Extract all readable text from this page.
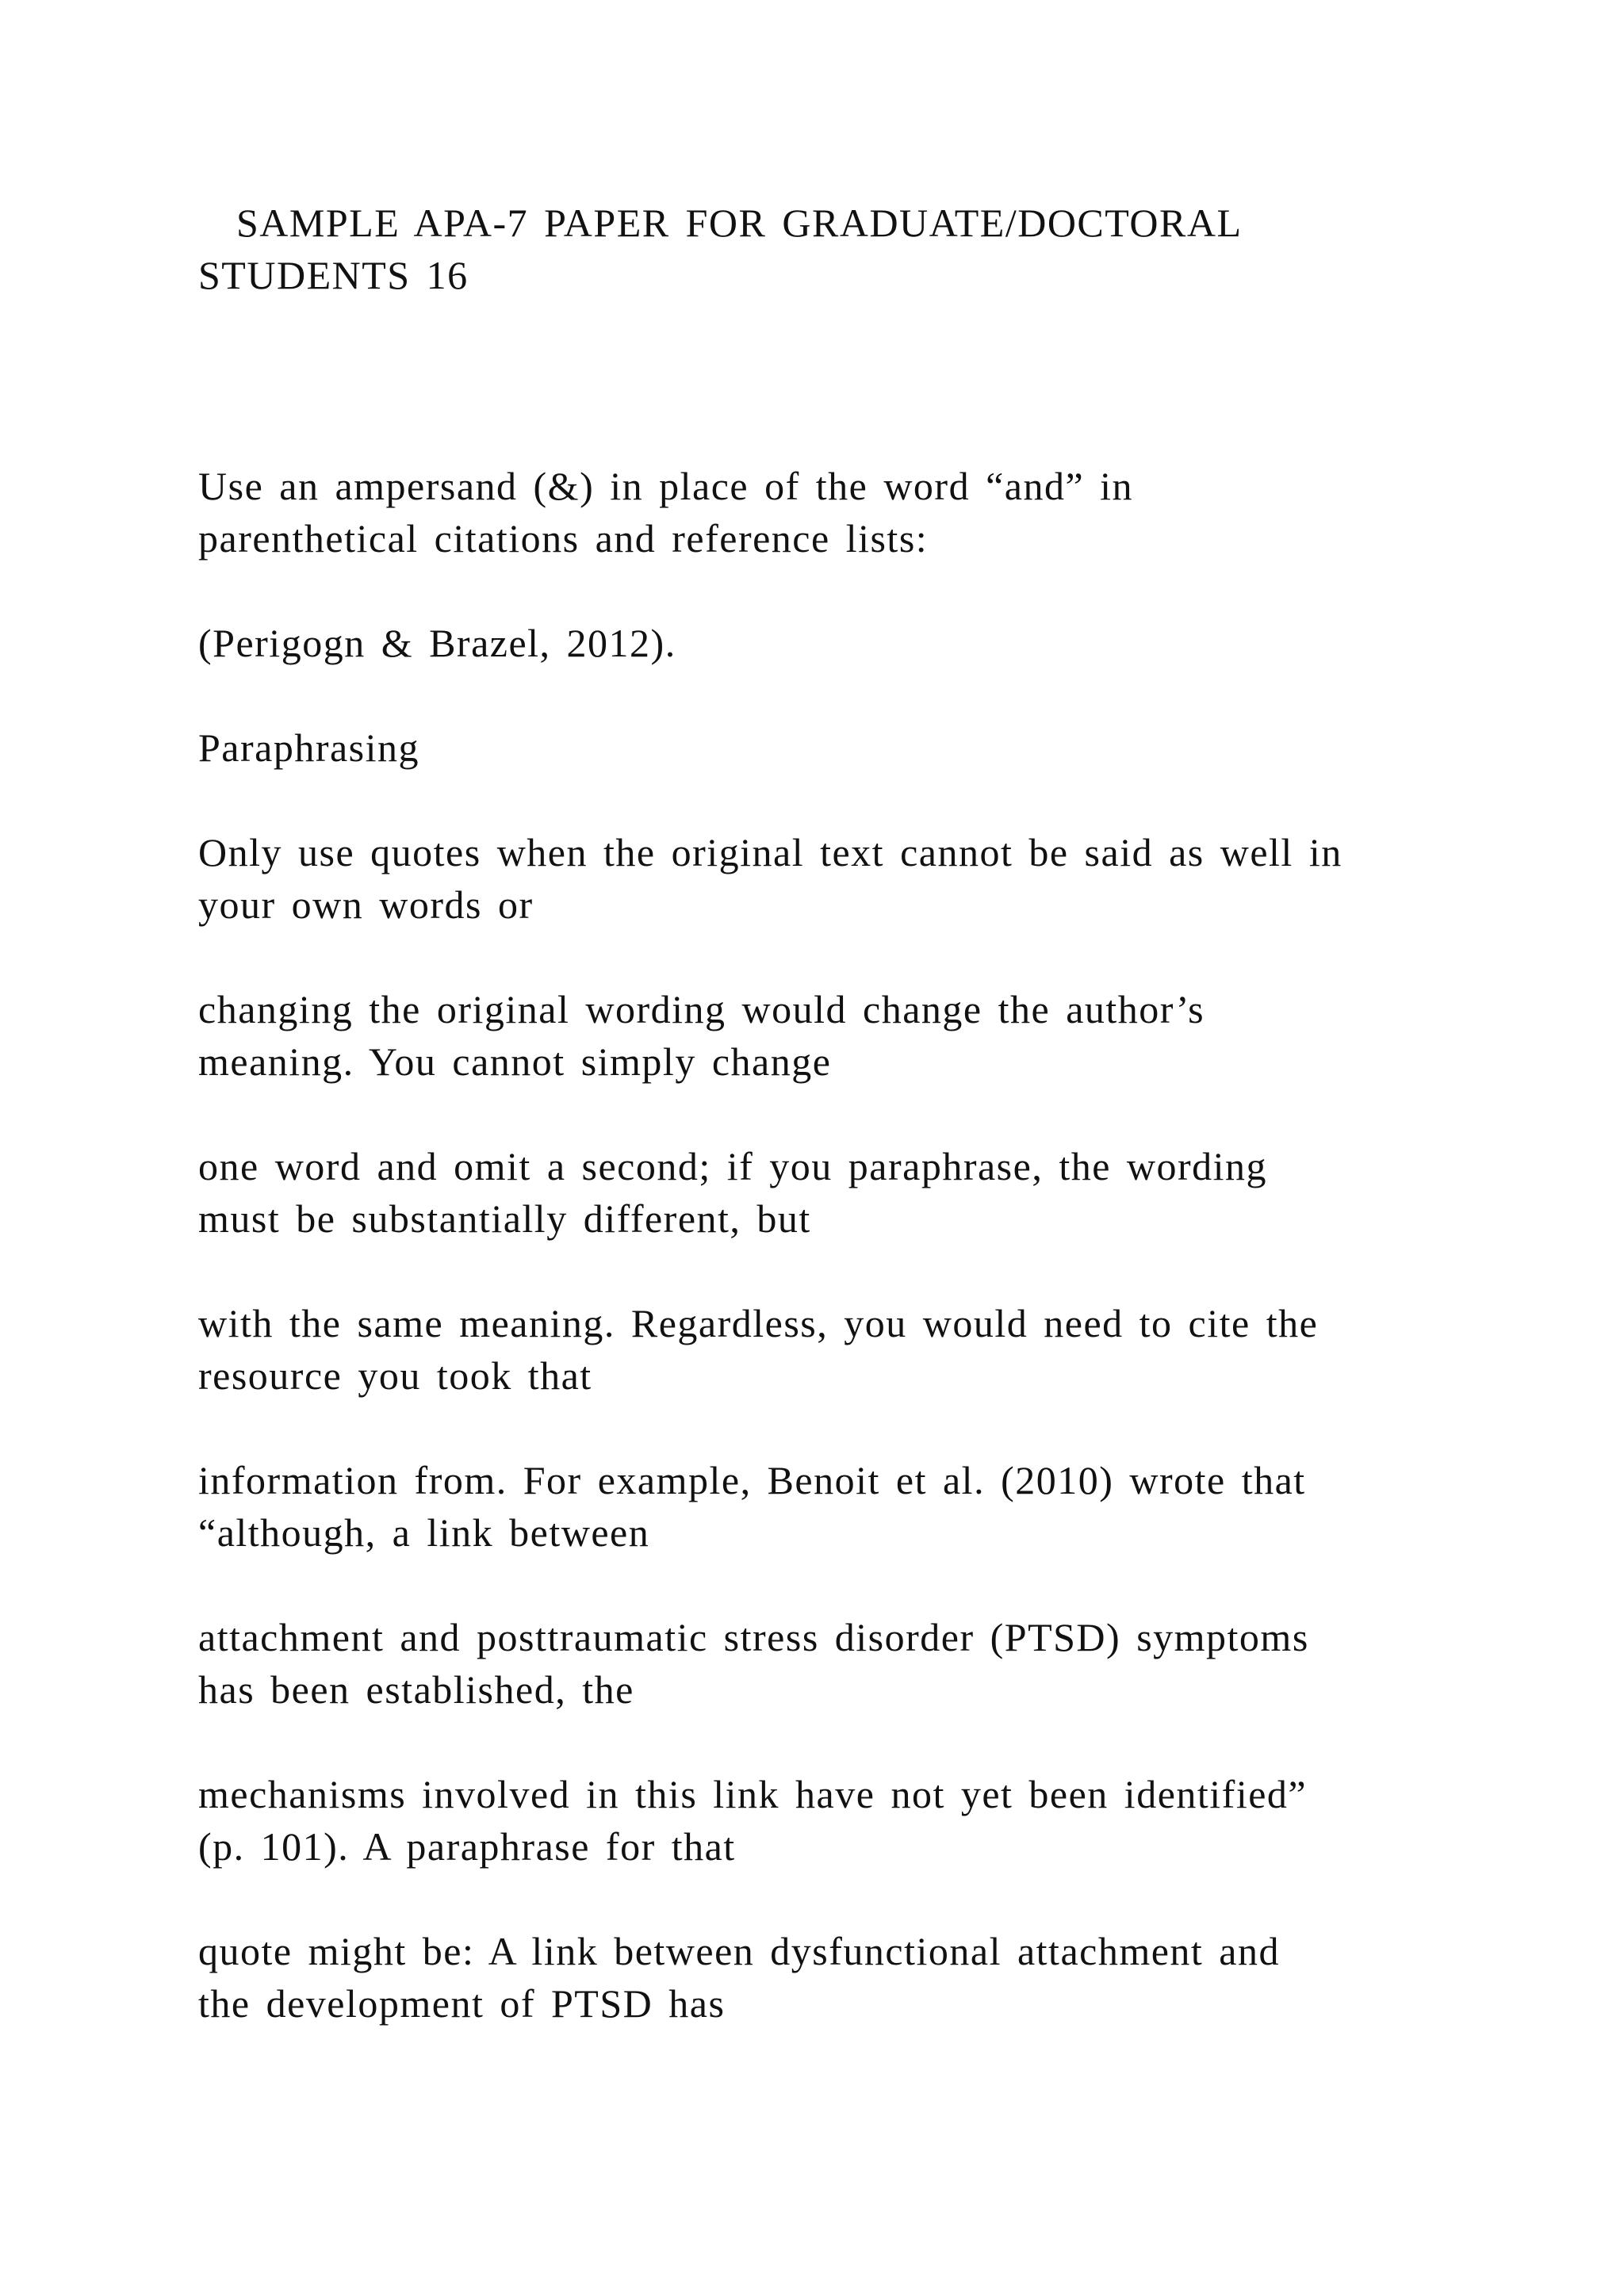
SAMPLE APA-7 PAPER FOR GRADUATE/DOCTORAL

STUDENTS 16

Use an ampersand (&) in place of the word “and” in

parenthetical citations and reference lists:

(Perigogn & Brazel, 2012).

Paraphrasing

Only use quotes when the original text cannot be said as well in

your own words or

changing the original wording would change the author’s

meaning. You cannot simply change

one word and omit a second; if you paraphrase, the wording

must be substantially different, but

with the same meaning. Regardless, you would need to cite the

resource you took that

information from. For example, Benoit et al. (2010) wrote that

“although, a link between

attachment and posttraumatic stress disorder (PTSD) symptoms

has been established, the

mechanisms involved in this link have not yet been identified”

(p. 101). A paraphrase for that

quote might be: A link between dysfunctional attachment and

the development of PTSD has
